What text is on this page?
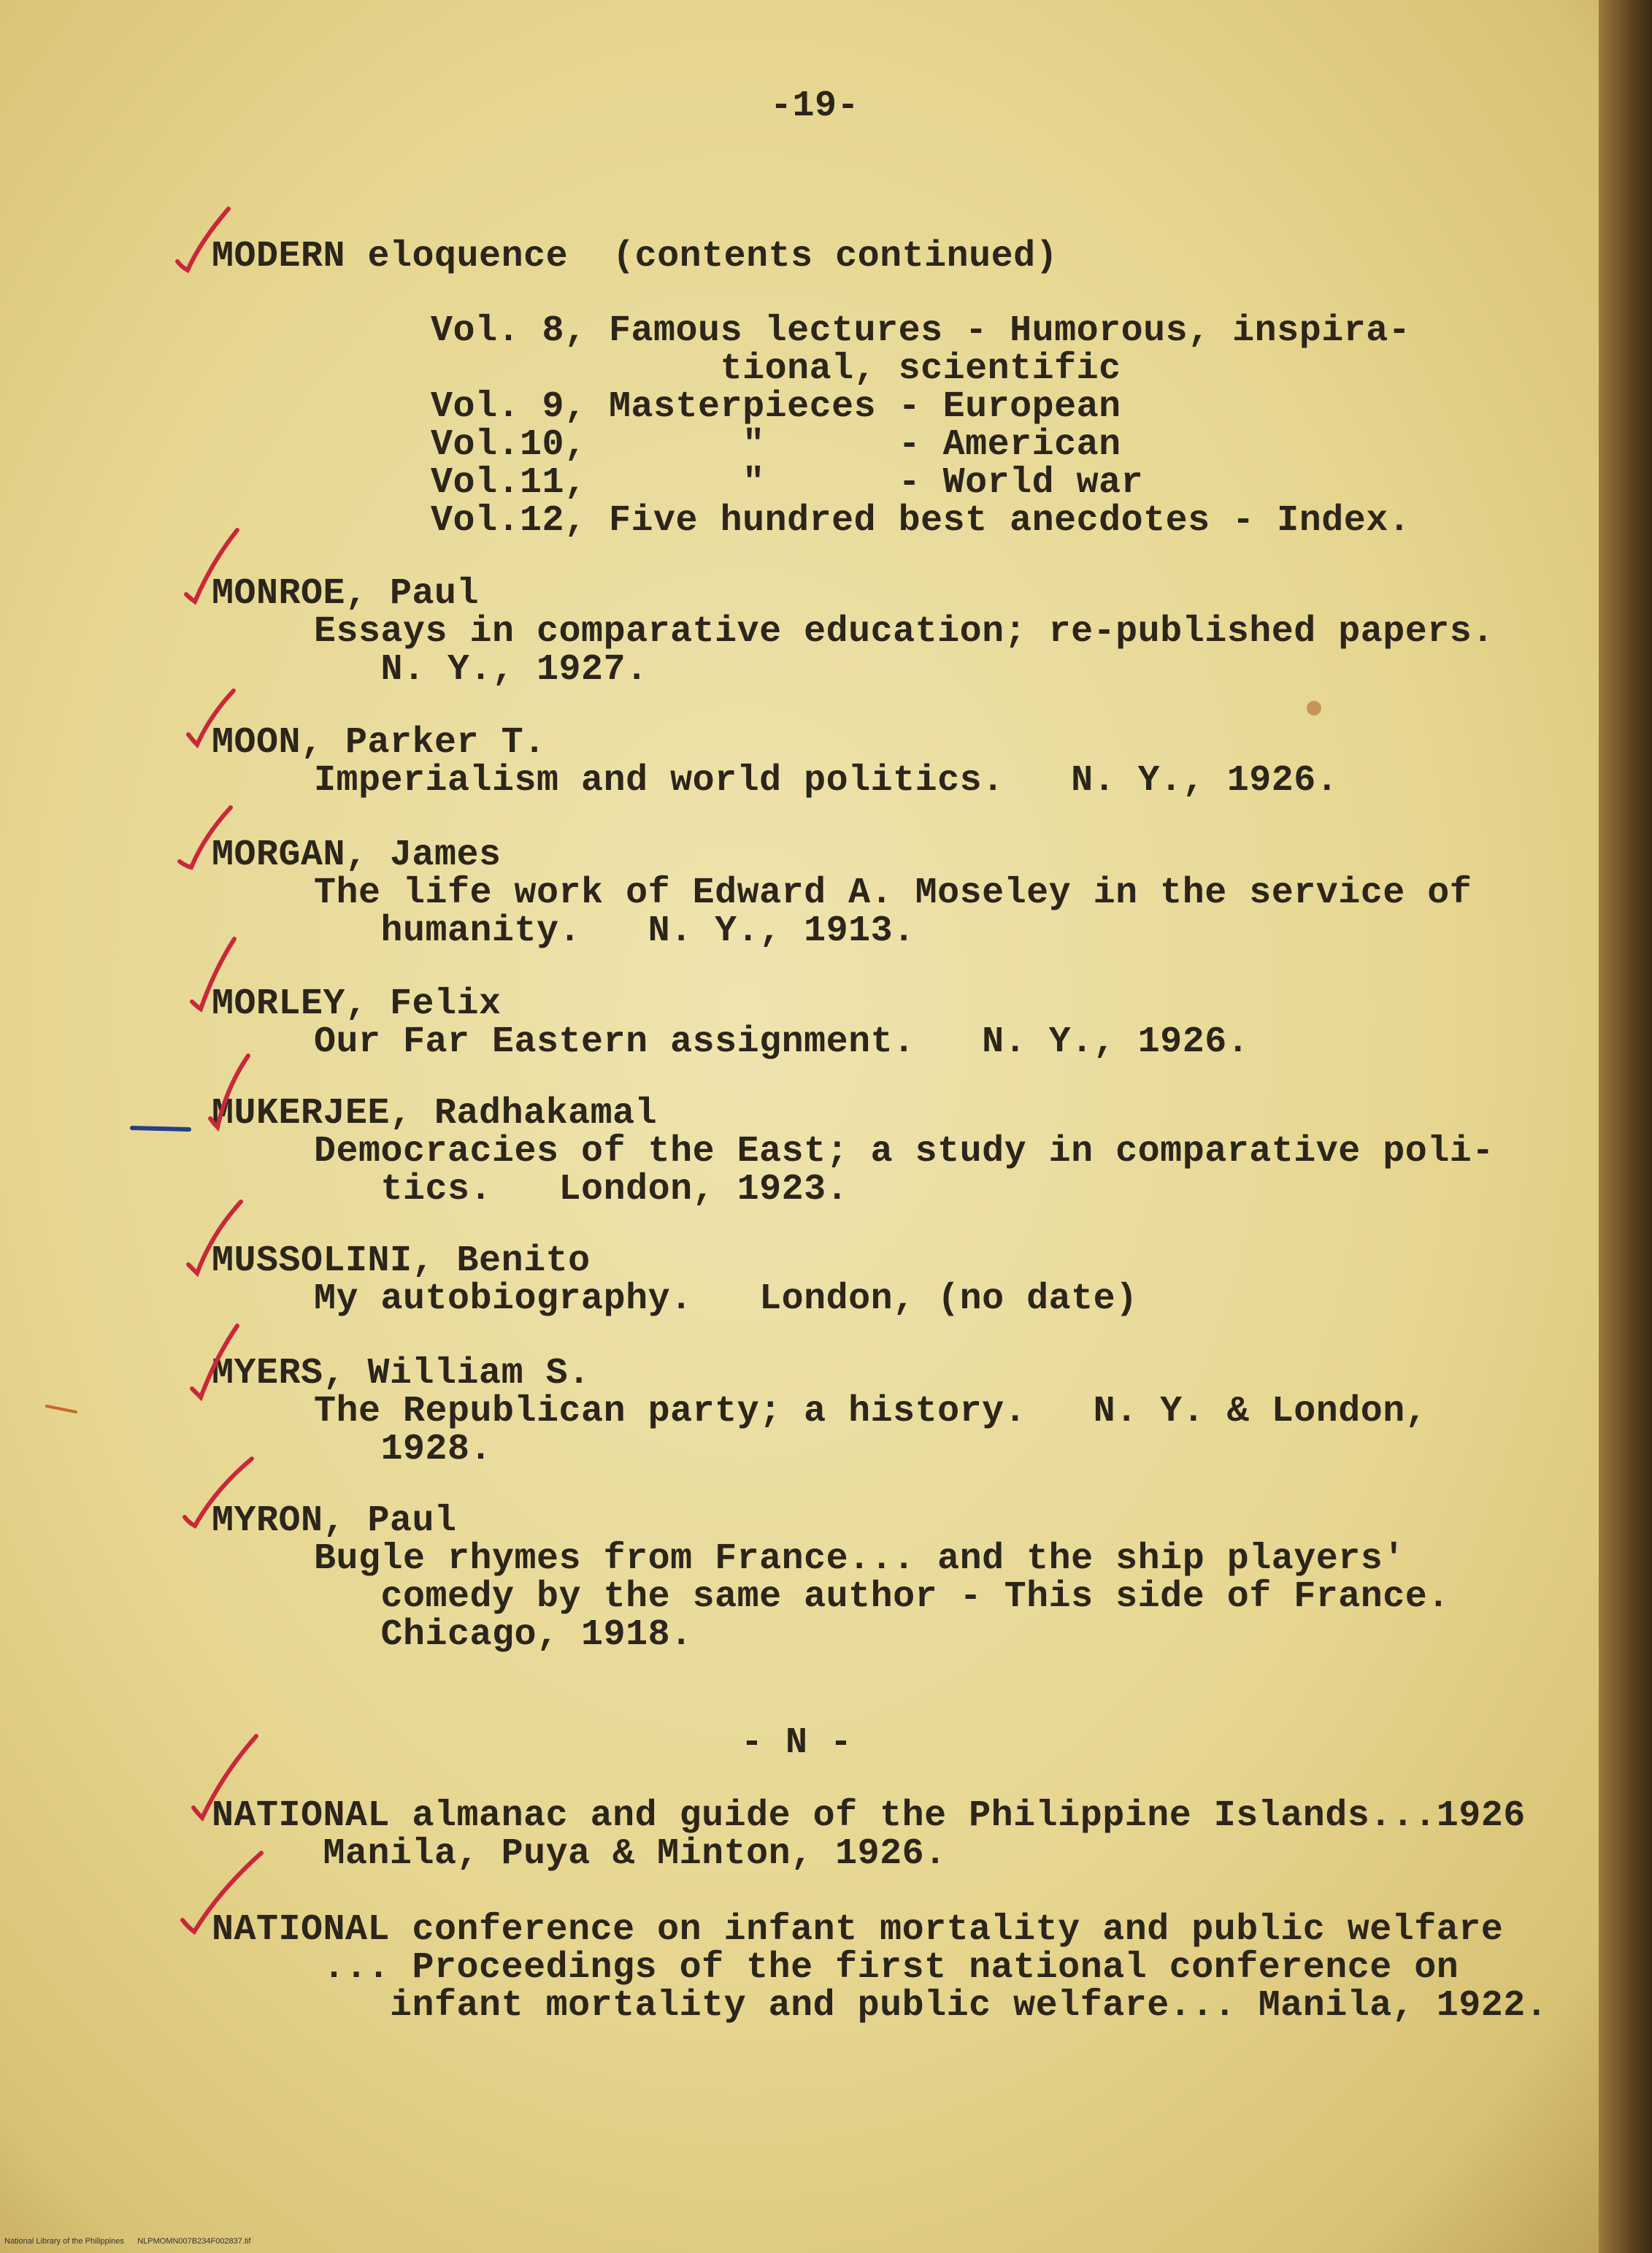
-19-
MODERN eloquence  (contents continued)
Vol. 8, Famous lectures - Humorous, inspira-
tional, scientific
Vol. 9, Masterpieces - European
Vol.10,       "      - American
Vol.11,       "      - World war
Vol.12, Five hundred best anecdotes - Index.
MONROE, Paul
Essays in comparative education; re-published papers.
N. Y., 1927.
MOON, Parker T.
Imperialism and world politics.   N. Y., 1926.
MORGAN, James
The life work of Edward A. Moseley in the service of
humanity.   N. Y., 1913.
MORLEY, Felix
Our Far Eastern assignment.   N. Y., 1926.
MUKERJEE, Radhakamal
Democracies of the East; a study in comparative poli-
tics.   London, 1923.
MUSSOLINI, Benito
My autobiography.   London, (no date)
MYERS, William S.
The Republican party; a history.   N. Y. & London,
1928.
MYRON, Paul
Bugle rhymes from France... and the ship players'
comedy by the same author - This side of France.
Chicago, 1918.
- N -
NATIONAL almanac and guide of the Philippine Islands...1926
Manila, Puya & Minton, 1926.
NATIONAL conference on infant mortality and public welfare
... Proceedings of the first national conference on
infant mortality and public welfare... Manila, 1922.
National Library of the Philippines      NLPMOMN007B234F002837.tif
